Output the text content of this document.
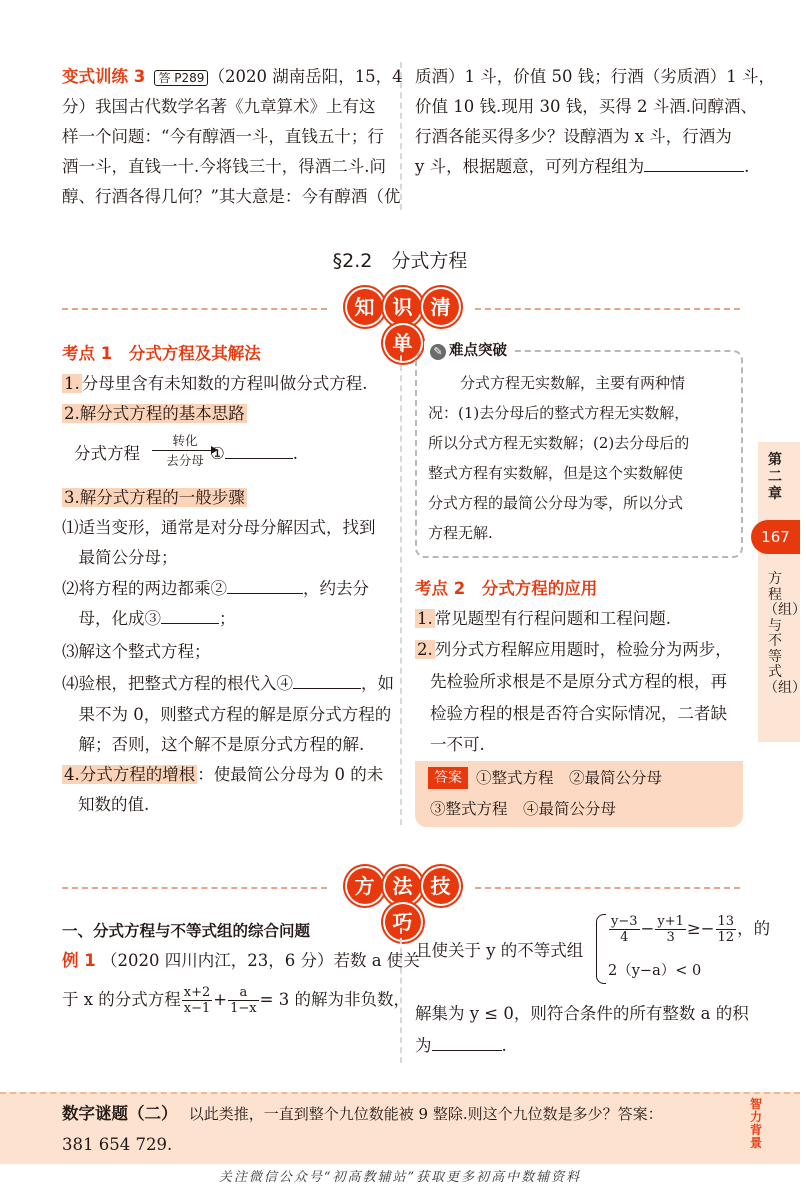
变式训练 3 答 P289 （2020 湖南岳阳，15，4
分）我国古代数学名著《九章算术》上有这
样一个问题：“今有醇酒一斗，直钱五十；行
酒一斗，直钱一十.今将钱三十，得酒二斗.问
醇、行酒各得几何？”其大意是：今有醇酒（优
质酒）1 斗，价值 50 钱；行酒（劣质酒）1 斗，
价值 10 钱.现用 30 钱，买得 2 斗酒.问醇酒、
行酒各能买得多少？设醇酒为 x 斗，行酒为
y 斗，根据题意，可列方程组为	.
§2.2　分式方程
知 识 清单
考点 1　分式方程及其解法
1. 分母里含有未知数的方程叫做分式方程.
2.解分式方程的基本思路
分式方程
转化
去分母 ①	.
3.解分式方程的一般步骤
⑴适当变形，通常是对分母分解因式，找到
　最简公分母；
⑵将方程的两边都乘②	，约去分
　母，化成③	；
⑶解这个整式方程；
⑷验根，把整式方程的根代入④	，如
　果不为 0，则整式方程的解是原分式方程的
　解；否则，这个解不是原分式方程的解.
4.分式方程的增根 ：使最简公分母为 0 的未
知数的值.
✎ 难点突破
分式方程无实数解，主要有两种情
况：(1)去分母后的整式方程无实数解，
所以分式方程无实数解；(2)去分母后的
整式方程有实数解，但是这个实数解使
分式方程的最简公分母为零，所以分式
方程无解.
考点 2　分式方程的应用
1. 常见题型有行程问题和工程问题.
2. 列分式方程解应用题时，检验分为两步，
先检验所求根是不是原分式方程的根，再
检验方程的根是否符合实际情况，二者缺
一不可.
答案 ①整式方程　②最简公分母
③整式方程　④最简公分母
第二章
167
方程（组）与不等式（组）
方 法 技巧
一、分式方程与不等式组的综合问题
例 1 （2020 四川内江，23，6 分）若数 a 使关
于 x 的分式方程 $\frac{x+2}{x-1} + \frac{a}{1-x} = 3$ 的解为非负数，
且使关于 y 的不等式组
$\frac{y-3}{4} - \frac{y+1}{3} \ge- \frac{13}{12}$ ，的
2（y−a）< 0
解集为 y ≤ 0，则符合条件的所有整数 a 的积
为	.
数字谜题（二） 以此类推，一直到整个九位数能被 9 整除.则这个九位数是多少？答案：
381 654 729.
智力背景
关注微信公众号“初高教辅站”获取更多初高中数辅资料
